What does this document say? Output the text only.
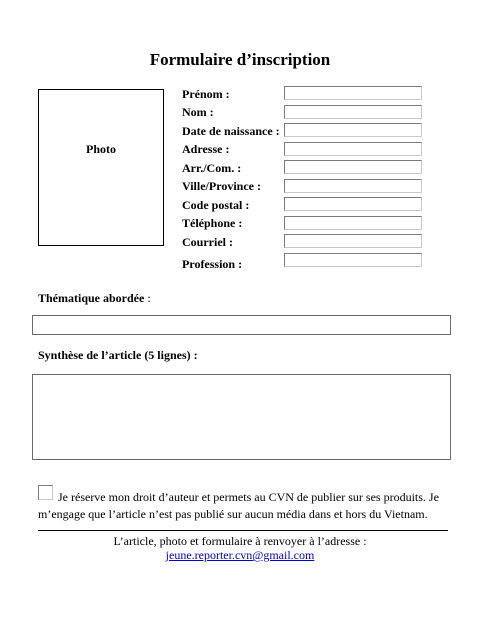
Formulaire d’inscription
Photo
Prénom :
Nom :
Date de naissance :
Adresse :
Arr./Com. :
Ville/Province :
Code postal :
Téléphone :
Courriel :
Profession :
Thématique abordée :
Synthèse de l’article (5 lignes) :
Je réserve mon droit d’auteur et permets au CVN de publier sur ses produits. Je
m’engage que l’article n’est pas publié sur aucun média dans et hors du Vietnam.
L’article, photo et formulaire à renvoyer à l’adresse :
jeune.reporter.cvn@gmail.com
